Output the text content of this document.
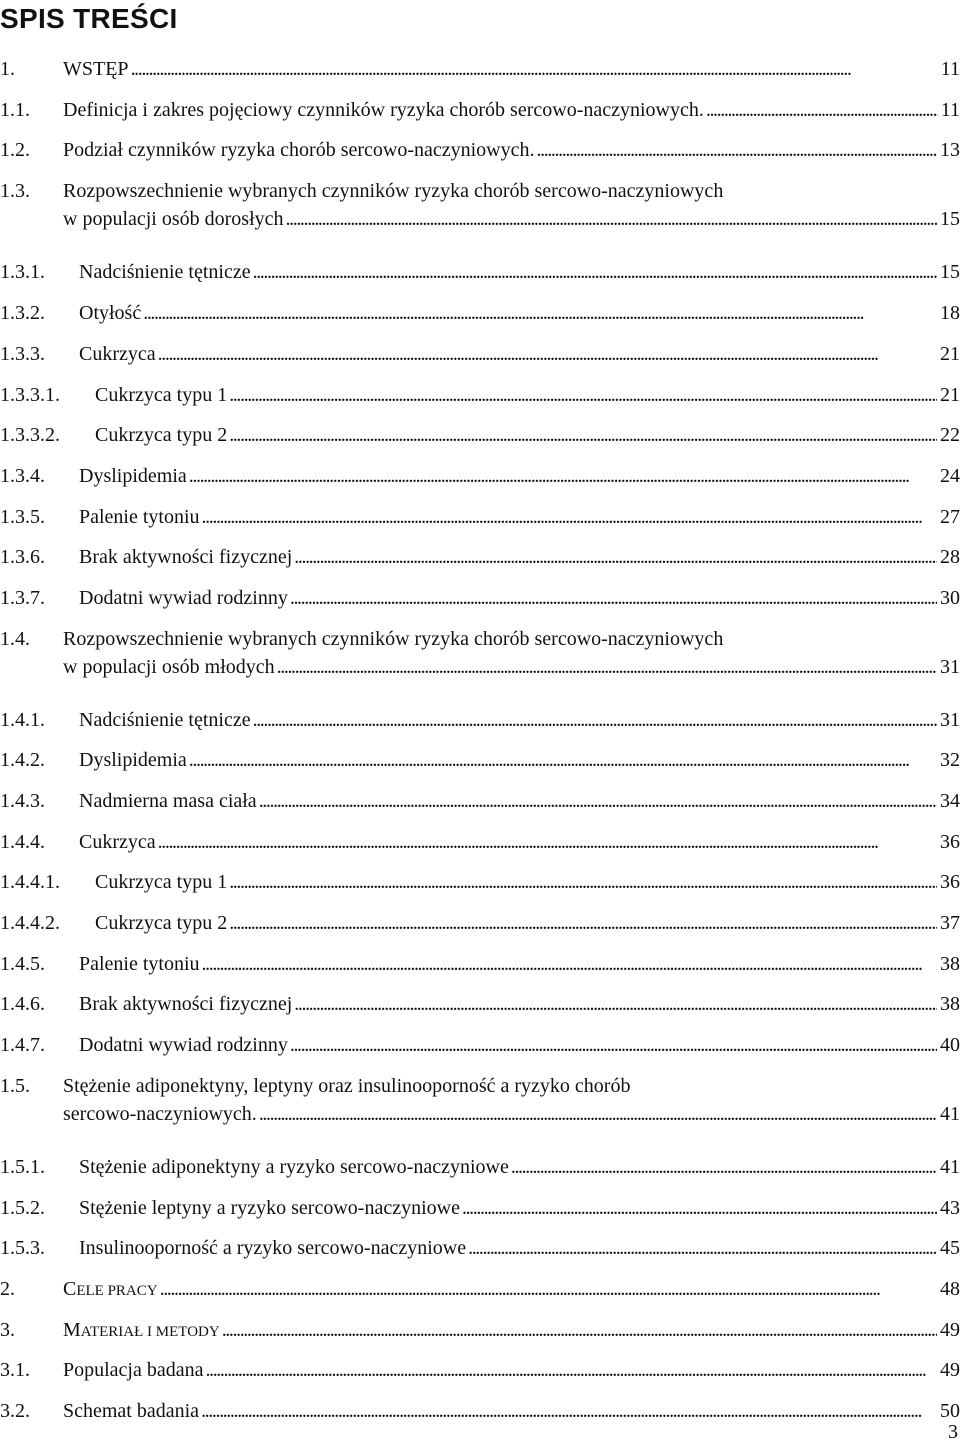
SPIS TREŚCI
1. WSTĘP . . .	11
1.1. Definicja i zakres pojęciowy czynników ryzyka chorób sercowo-naczyniowych. . . .	11
1.2. Podział czynników ryzyka chorób sercowo-naczyniowych. . . .	13
1.3. Rozpowszechnienie wybranych czynników ryzyka chorób sercowo-naczyniowych
w populacji osób dorosłych . . .	15
1.3.1. Nadciśnienie tętnicze . . .	15
1.3.2. Otyłość . . .	18
1.3.3. Cukrzyca . . .	21
1.3.3.1. Cukrzyca typu 1 . . .	21
1.3.3.2. Cukrzyca typu 2 . . .	22
1.3.4. Dyslipidemia . . .	24
1.3.5. Palenie tytoniu . . .	27
1.3.6. Brak aktywności fizycznej . . .	28
1.3.7. Dodatni wywiad rodzinny . . .	30
1.4. Rozpowszechnienie wybranych czynników ryzyka chorób sercowo-naczyniowych
w populacji osób młodych . . .	31
1.4.1. Nadciśnienie tętnicze . . .	31
1.4.2. Dyslipidemia . . .	32
1.4.3. Nadmierna masa ciała . . .	34
1.4.4. Cukrzyca . . .	36
1.4.4.1. Cukrzyca typu 1 . . .	36
1.4.4.2. Cukrzyca typu 2 . . .	37
1.4.5. Palenie tytoniu . . .	38
1.4.6. Brak aktywności fizycznej . . .	38
1.4.7. Dodatni wywiad rodzinny . . .	40
1.5. Stężenie adiponektyny, leptyny oraz insulinooporność a ryzyko chorób
sercowo-naczyniowych. . . .	41
1.5.1. Stężenie adiponektyny a ryzyko sercowo-naczyniowe . . .	41
1.5.2. Stężenie leptyny a ryzyko sercowo-naczyniowe . . .	43
1.5.3. Insulinooporność a ryzyko sercowo-naczyniowe . . .	45
2. CELE PRACY . . .	48
3. MATERIAŁ I METODY . . .	49
3.1. Populacja badana . . .	49
3.2. Schemat badania . . .	50
3
